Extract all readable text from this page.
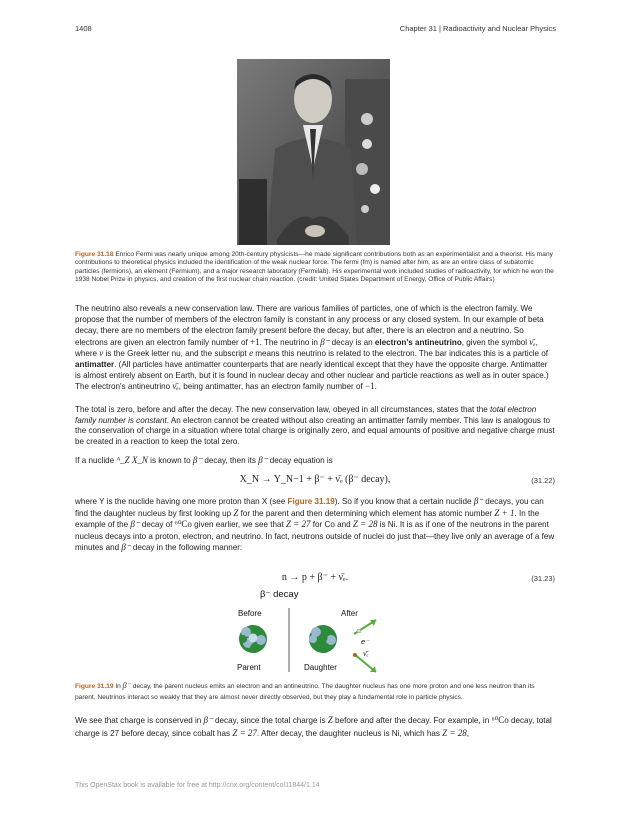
1408	Chapter 31 | Radioactivity and Nuclear Physics
Figure 31.18 Enrico Fermi was nearly unique among 20th-century physicists—he made significant contributions both as an experimentalist and a theorist. His many contributions to theoretical physics included the identification of the weak nuclear force. The fermi (fm) is named after him, as are an entire class of subatomic particles (fermions), an element (Fermium), and a major research laboratory (Fermilab). His experimental work included studies of radioactivity, for which he won the 1938 Nobel Prize in physics, and creation of the first nuclear chain reaction. (credit: United States Department of Energy, Office of Public Affairs)
The neutrino also reveals a new conservation law. There are various families of particles, one of which is the electron family. We propose that the number of members of the electron family is constant in any process or any closed system. In our example of beta decay, there are no members of the electron family present before the decay, but after, there is an electron and a neutrino. So electrons are given an electron family number of +1. The neutrino in β⁻ decay is an electron's antineutrino, given the symbol ν̄ₑ, where ν is the Greek letter nu, and the subscript e means this neutrino is related to the electron. The bar indicates this is a particle of antimatter. (All particles have antimatter counterparts that are nearly identical except that they have the opposite charge. Antimatter is almost entirely absent on Earth, but it is found in nuclear decay and other nuclear and particle reactions as well as in outer space.) The electron's antineutrino ν̄ₑ, being antimatter, has an electron family number of −1.
The total is zero, before and after the decay. The new conservation law, obeyed in all circumstances, states that the total electron family number is constant. An electron cannot be created without also creating an antimatter family member. This law is analogous to the conservation of charge in a situation where total charge is originally zero, and equal amounts of positive and negative charge must be created in a reaction to keep the total zero.
If a nuclide ᴬ_Z X_N is known to β⁻ decay, then its β⁻ decay equation is
X_N → Y_N−1 + β⁻ + ν̄ₑ (β⁻ decay),	(31.22)
where Y is the nuclide having one more proton than X (see Figure 31.19). So if you know that a certain nuclide β⁻ decays, you can find the daughter nucleus by first looking up Z for the parent and then determining which element has atomic number Z + 1. In the example of the β⁻ decay of ⁶⁰Co given earlier, we see that Z = 27 for Co and Z = 28 is Ni. It is as if one of the neutrons in the parent nucleus decays into a proton, electron, and neutrino. In fact, neutrons outside of nuclei do just that—they live only an average of a few minutes and β⁻ decay in the following manner:
n → p + β⁻ + ν̄ₑ.	(31.23)
β⁻ decay
Before	After
Parent	Daughter
e⁻
ν̄ₑ
Figure 31.19 In β⁻ decay, the parent nucleus emits an electron and an antineutrino. The daughter nucleus has one more proton and one less neutron than its parent. Neutrinos interact so weakly that they are almost never directly observed, but they play a fundamental role in particle physics.
We see that charge is conserved in β⁻ decay, since the total charge is Z before and after the decay. For example, in ⁶⁰Co decay, total charge is 27 before decay, since cobalt has Z = 27. After decay, the daughter nucleus is Ni, which has Z = 28,
This OpenStax book is available for free at http://cnx.org/content/col11844/1.14
